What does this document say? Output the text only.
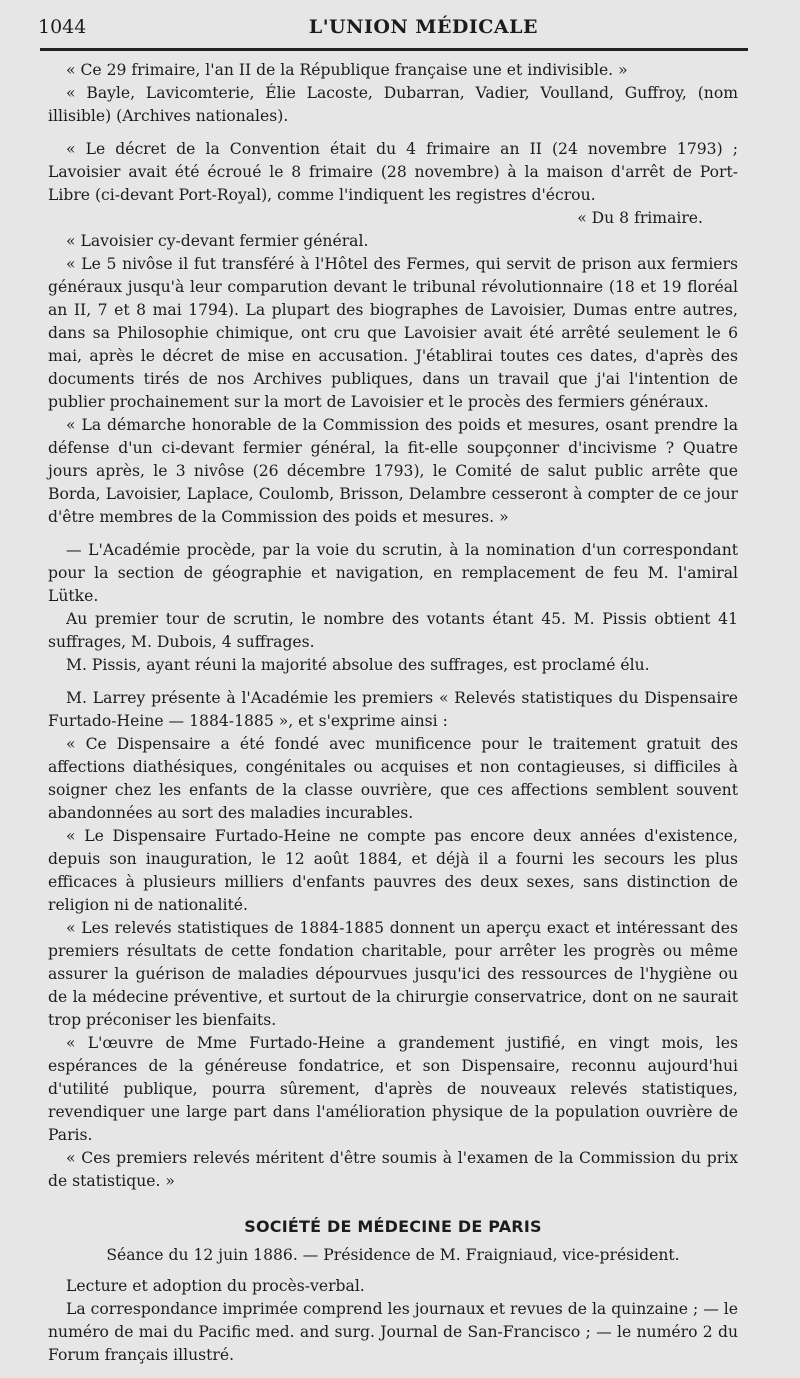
1044	L'UNION MÉDICALE

« Ce 29 frimaire, l'an II de la République française une et indivisible. »

« Bayle, Lavicomterie, Élie Lacoste, Dubarran, Vadier, Voulland, Guffroy, (nom illisible) (Archives nationales).

« Le décret de la Convention était du 4 frimaire an II (24 novembre 1793) ; Lavoisier avait été écroué le 8 frimaire (28 novembre) à la maison d'arrêt de Port-Libre (ci-devant Port-Royal), comme l'indiquent les registres d'écrou.

« Du 8 frimaire.

« Lavoisier cy-devant fermier général.

« Le 5 nivôse il fut transféré à l'Hôtel des Fermes, qui servit de prison aux fermiers généraux jusqu'à leur comparution devant le tribunal révolutionnaire (18 et 19 floréal an II, 7 et 8 mai 1794). La plupart des biographes de Lavoisier, Dumas entre autres, dans sa Philosophie chimique, ont cru que Lavoisier avait été arrêté seulement le 6 mai, après le décret de mise en accusation. J'établirai toutes ces dates, d'après des documents tirés de nos Archives publiques, dans un travail que j'ai l'intention de publier prochainement sur la mort de Lavoisier et le procès des fermiers généraux.

« La démarche honorable de la Commission des poids et mesures, osant prendre la défense d'un ci-devant fermier général, la fit-elle soupçonner d'incivisme ? Quatre jours après, le 3 nivôse (26 décembre 1793), le Comité de salut public arrête que Borda, Lavoisier, Laplace, Coulomb, Brisson, Delambre cesseront à compter de ce jour d'être membres de la Commission des poids et mesures. »

— L'Académie procède, par la voie du scrutin, à la nomination d'un correspondant pour la section de géographie et navigation, en remplacement de feu M. l'amiral Lütke.

Au premier tour de scrutin, le nombre des votants étant 45. M. Pissis obtient 41 suffrages, M. Dubois, 4 suffrages.

M. Pissis, ayant réuni la majorité absolue des suffrages, est proclamé élu.

M. Larrey présente à l'Académie les premiers « Relevés statistiques du Dispensaire Furtado-Heine — 1884-1885 », et s'exprime ainsi :

« Ce Dispensaire a été fondé avec munificence pour le traitement gratuit des affections diathésiques, congénitales ou acquises et non contagieuses, si difficiles à soigner chez les enfants de la classe ouvrière, que ces affections semblent souvent abandonnées au sort des maladies incurables.

« Le Dispensaire Furtado-Heine ne compte pas encore deux années d'existence, depuis son inauguration, le 12 août 1884, et déjà il a fourni les secours les plus efficaces à plusieurs milliers d'enfants pauvres des deux sexes, sans distinction de religion ni de nationalité.

« Les relevés statistiques de 1884-1885 donnent un aperçu exact et intéressant des premiers résultats de cette fondation charitable, pour arrêter les progrès ou même assurer la guérison de maladies dépourvues jusqu'ici des ressources de l'hygiène ou de la médecine préventive, et surtout de la chirurgie conservatrice, dont on ne saurait trop préconiser les bienfaits.

« L'œuvre de Mme Furtado-Heine a grandement justifié, en vingt mois, les espérances de la généreuse fondatrice, et son Dispensaire, reconnu aujourd'hui d'utilité publique, pourra sûrement, d'après de nouveaux relevés statistiques, revendiquer une large part dans l'amélioration physique de la population ouvrière de Paris.

« Ces premiers relevés méritent d'être soumis à l'examen de la Commission du prix de statistique. »

SOCIÉTÉ DE MÉDECINE DE PARIS
Séance du 12 juin 1886. — Présidence de M. Fraigniaud, vice-président.

Lecture et adoption du procès-verbal.

La correspondance imprimée comprend les journaux et revues de la quinzaine ; — le numéro de mai du Pacific med. and surg. Journal de San-Francisco ; — le numéro 2 du Forum français illustré.
